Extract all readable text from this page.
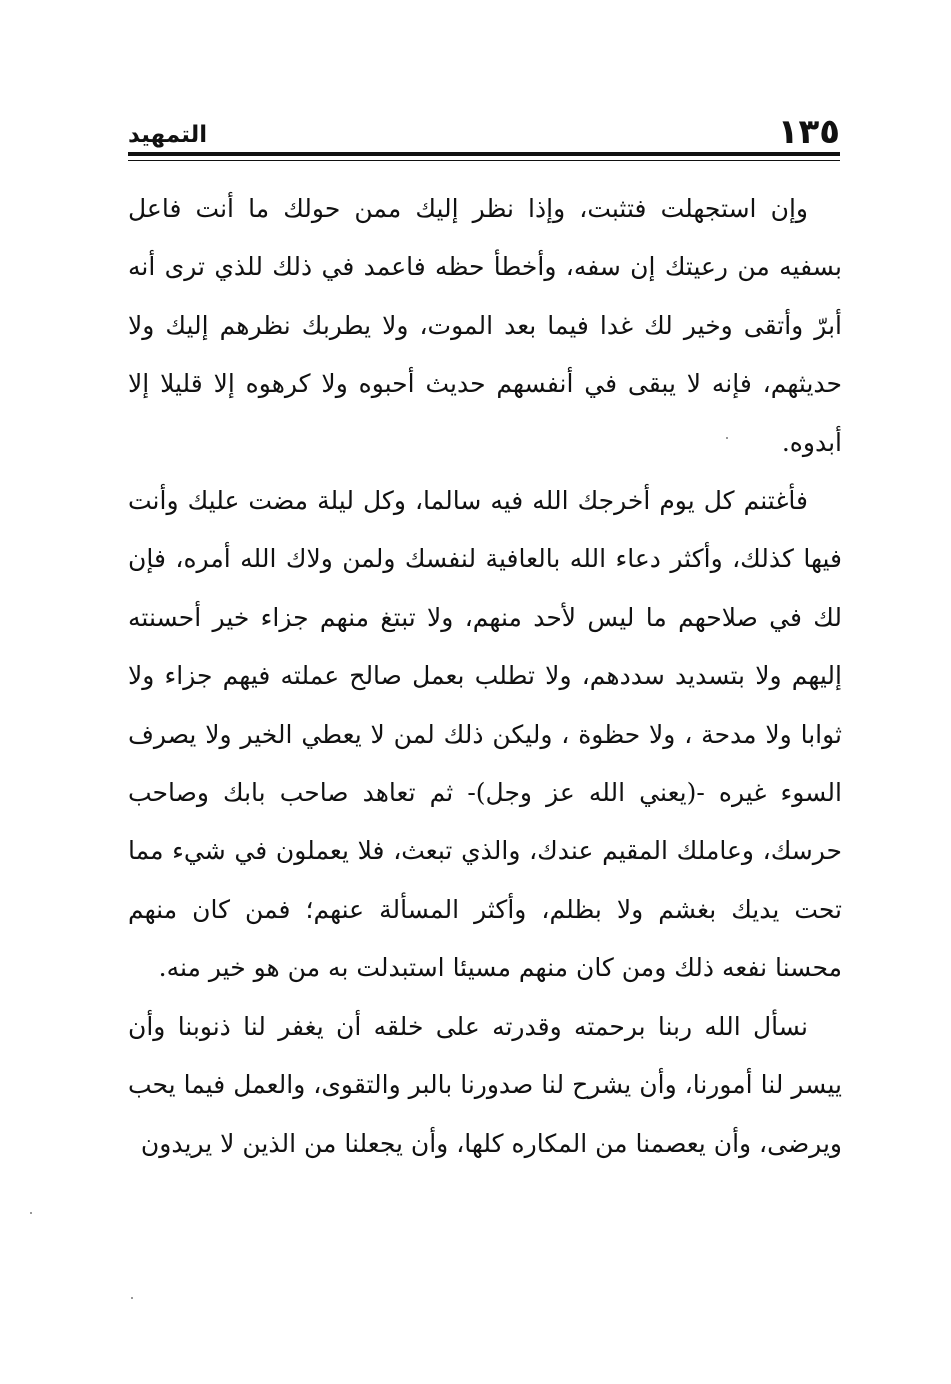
١٣٥
التمهيد

وإن استجهلت فتثبت، وإذا نظر إليك ممن حولك ما أنت فاعل بسفيه من رعيتك إن سفه، وأخطأ حظه فاعمد في ذلك للذي ترى أنه أبرّ وأتقى وخير لك غدا فيما بعد الموت، ولا يطربك نظرهم إليك ولا حديثهم، فإنه لا يبقى في أنفسهم حديث أحبوه ولا كرهوه إلا قليلا إلا أبدوه.

فأغتنم كل يوم أخرجك الله فيه سالما، وكل ليلة مضت عليك وأنت فيها كذلك، وأكثر دعاء الله بالعافية لنفسك ولمن ولاك الله أمره، فإن لك في صلاحهم ما ليس لأحد منهم، ولا تبتغ منهم جزاء خير أحسنته إليهم ولا بتسديد سددهم، ولا تطلب بعمل صالح عملته فيهم جزاء ولا ثوابا ولا مدحة ، ولا حظوة ، وليكن ذلك لمن لا يعطي الخير ولا يصرف السوء غيره -(يعني الله عز وجل)- ثم تعاهد صاحب بابك وصاحب حرسك، وعاملك المقيم عندك، والذي تبعث، فلا يعملون في شيء مما تحت يديك بغشم ولا بظلم، وأكثر المسألة عنهم؛ فمن كان منهم محسنا نفعه ذلك ومن كان منهم مسيئا استبدلت به من هو خير منه.

نسأل الله ربنا برحمته وقدرته على خلقه أن يغفر لنا ذنوبنا وأن ييسر لنا أمورنا، وأن يشرح لنا صدورنا بالبر والتقوى، والعمل فيما يحب ويرضى، وأن يعصمنا من المكاره كلها، وأن يجعلنا من الذين لا يريدون
